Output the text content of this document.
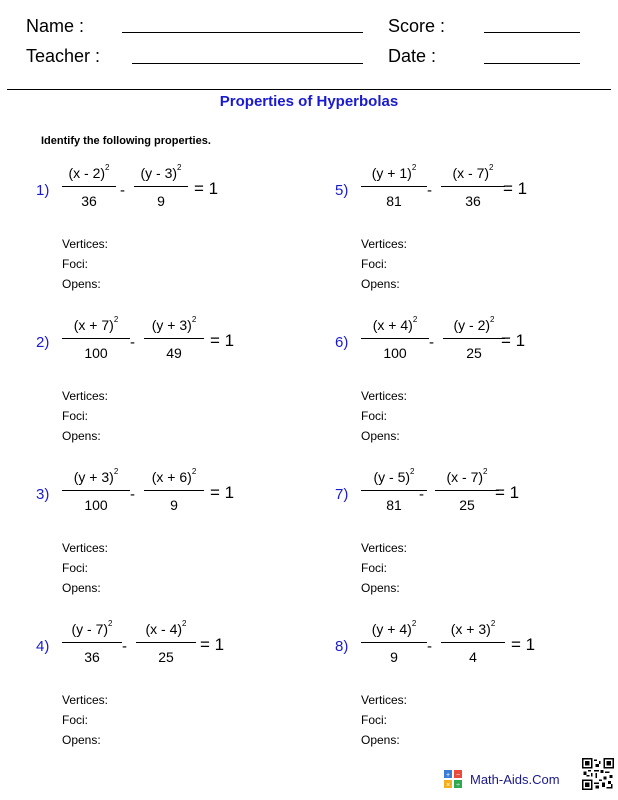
Name :	Score :
Teacher :	Date :
Properties of Hyperbolas
Identify the following properties.
1)
(x - 2)$^2$
36
-
(y - 3)$^2$
9
= 1
Vertices:
Foci:
Opens:
2)
$(x + 7)^2$
100
-
$(y + 3)^2$
49
= 1
Vertices:
Foci:
Opens:
3)
$(y + 3)^2$
100
-
$(x + 6)^2$
9
= 1
Vertices:
Foci:
Opens:
4)
(y - 7)$^2$
36
-
(x - 4)$^2$
25
= 1
Vertices:
Foci:
Opens:
5)
$(y + 1)^2$
81
-
(x - 7)$^2$
36
= 1
Vertices:
Foci:
Opens:
6)
$(x + 4)^2$
100
-
(y - 2)$^2$
25
= 1
Vertices:
Foci:
Opens:
7)
(y - 5)$^2$
81
-
(x - 7)$^2$
25
= 1
Vertices:
Foci:
Opens:
8)
$(y + 4)^2$
9
-
$(x + 3)^2$
4
= 1
Vertices:
Foci:
Opens:
+ −
× ÷ Math-Aids.Com
